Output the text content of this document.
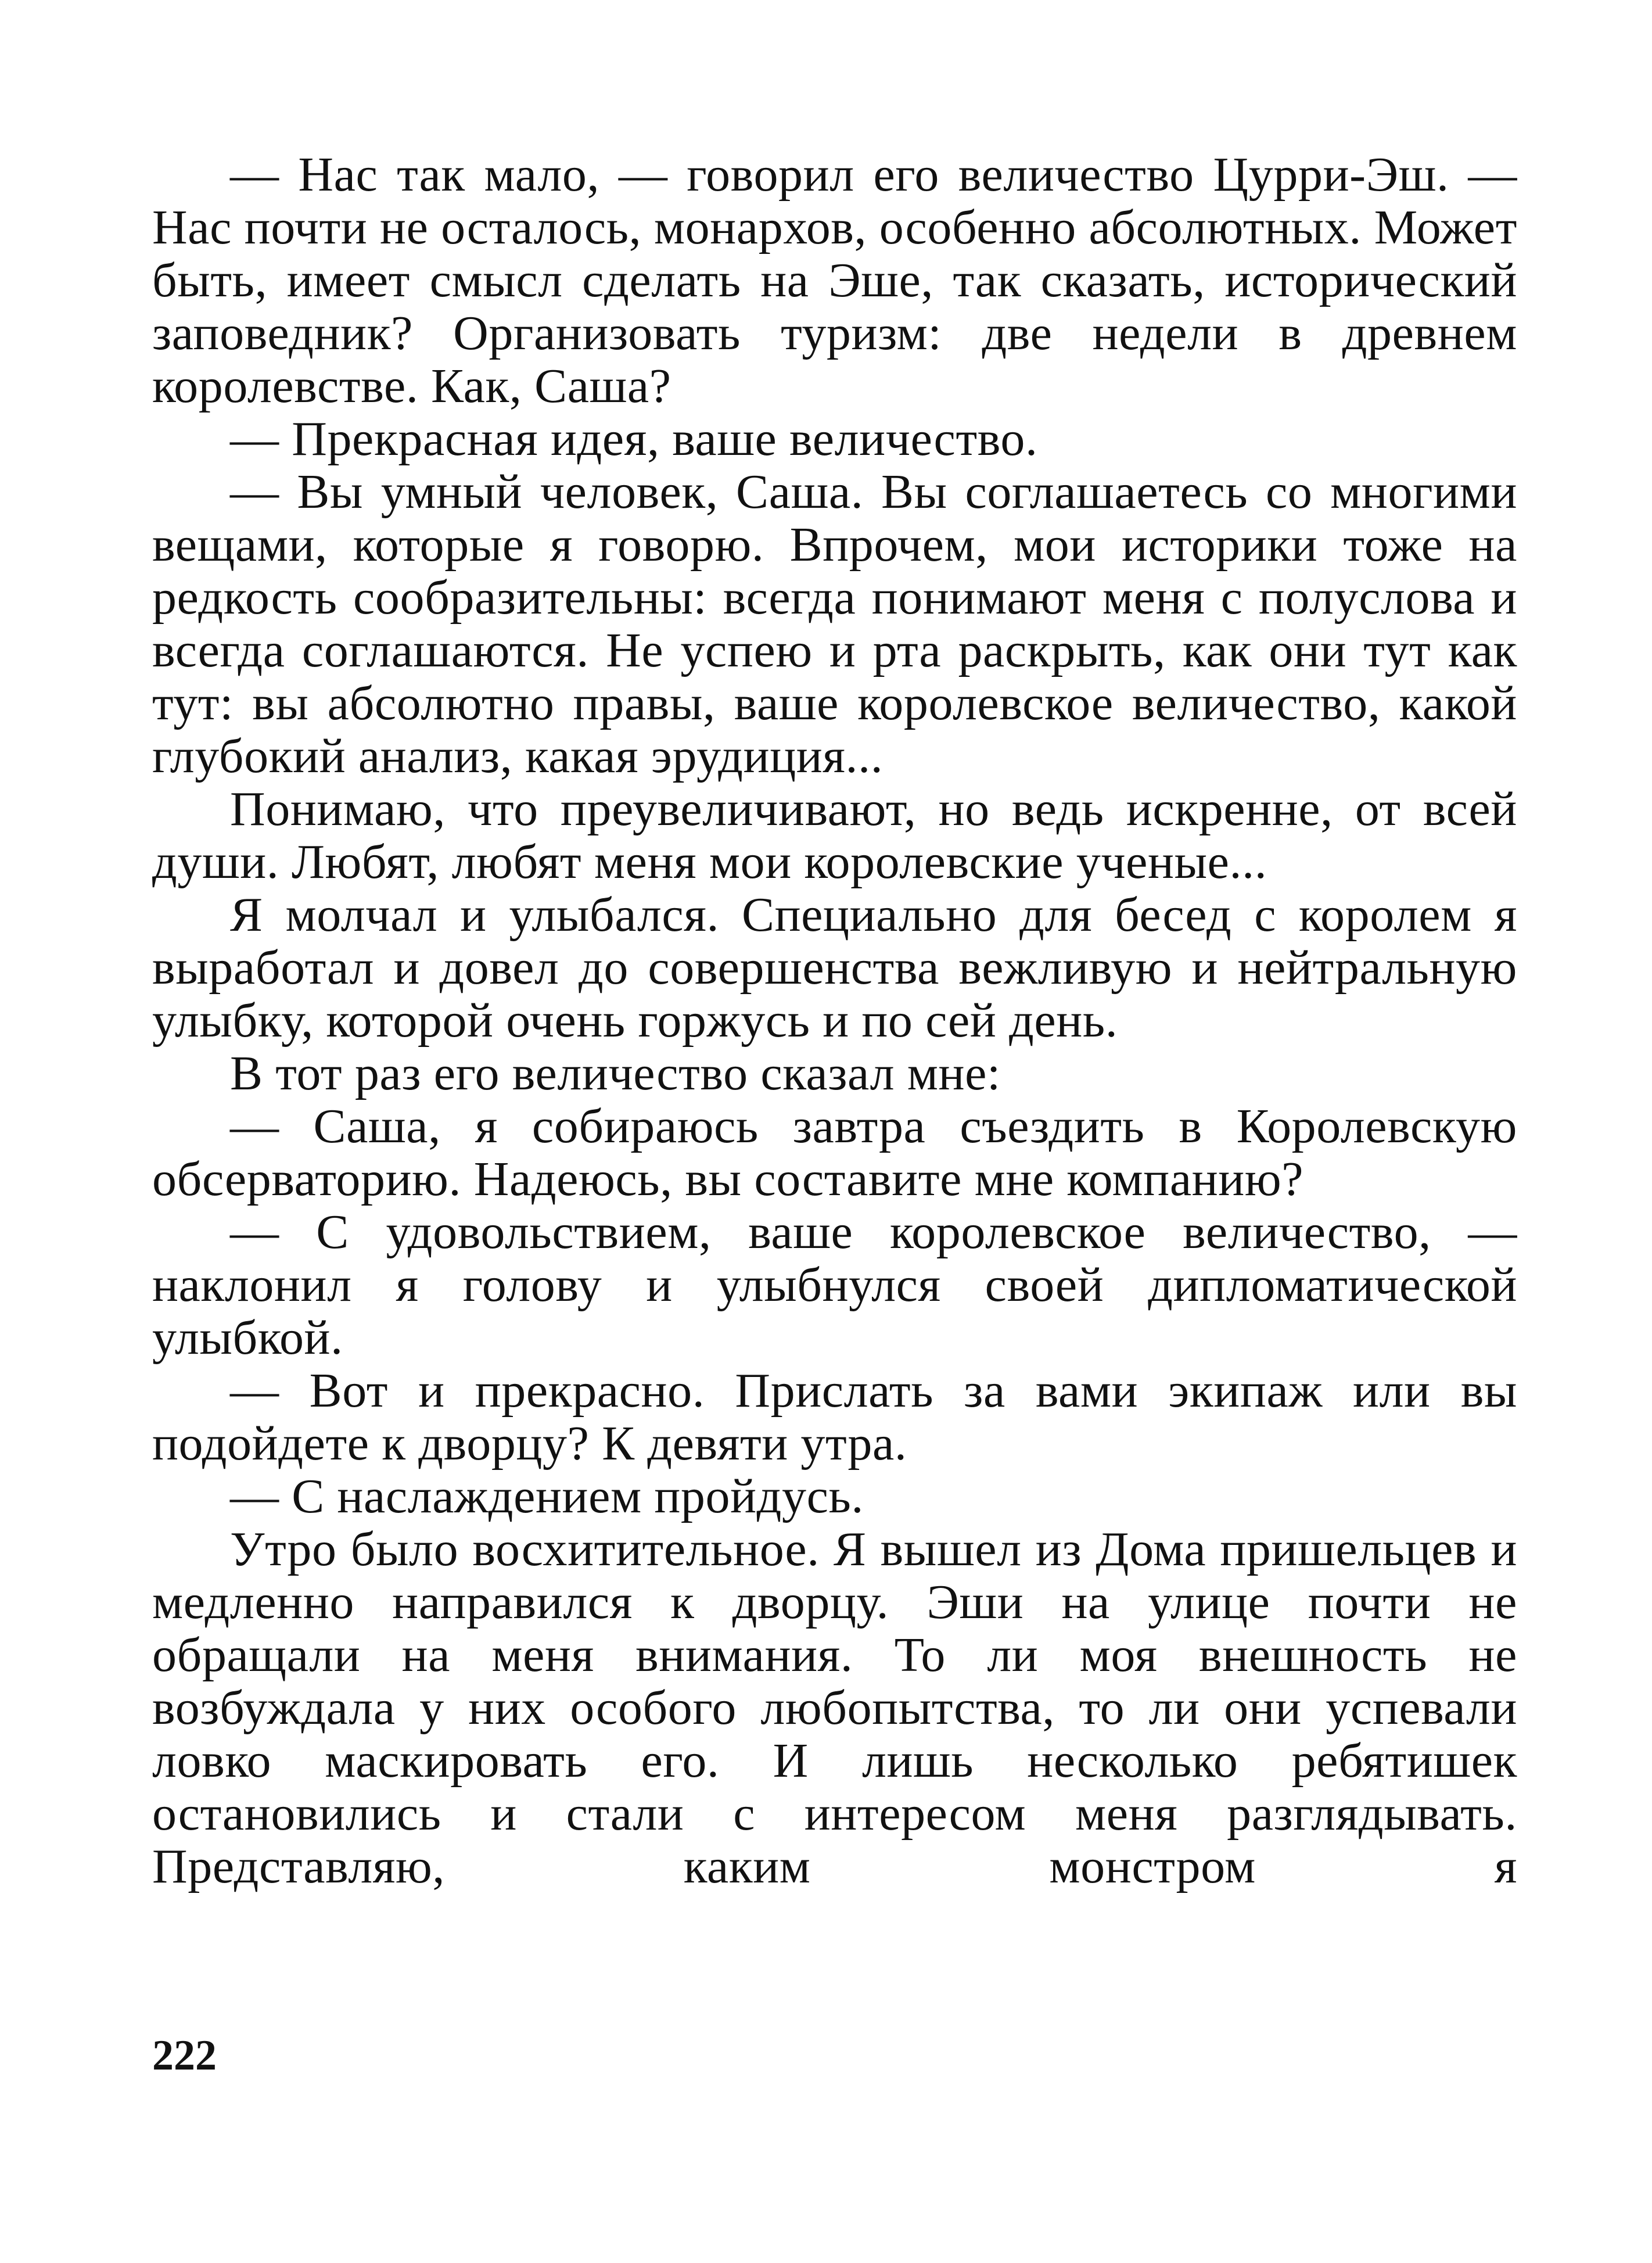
— Нас так мало, — говорил его величество Цурри-Эш. — Нас почти не осталось, монархов, особенно абсолютных. Может быть, имеет смысл сделать на Эше, так сказать, исторический заповедник? Организовать туризм: две недели в древнем королевстве. Как, Саша?

— Прекрасная идея, ваше величество.

— Вы умный человек, Саша. Вы соглашаетесь со многими вещами, которые я говорю. Впрочем, мои историки тоже на редкость сообразительны: всегда понимают меня с полуслова и всегда соглашаются. Не успею и рта раскрыть, как они тут как тут: вы абсолютно правы, ваше королевское величество, какой глубокий анализ, какая эрудиция...

Понимаю, что преувеличивают, но ведь искренне, от всей души. Любят, любят меня мои королевские ученые...

Я молчал и улыбался. Специально для бесед с королем я выработал и довел до совершенства вежливую и нейтральную улыбку, которой очень горжусь и по сей день.

В тот раз его величество сказал мне:

— Саша, я собираюсь завтра съездить в Королевскую обсерваторию. Надеюсь, вы составите мне компанию?

— С удовольствием, ваше королевское величество, — наклонил я голову и улыбнулся своей дипломатической улыбкой.

— Вот и прекрасно. Прислать за вами экипаж или вы подойдете к дворцу? К девяти утра.

— С наслаждением пройдусь.

Утро было восхитительное. Я вышел из Дома пришельцев и медленно направился к дворцу. Эши на улице почти не обращали на меня внимания. То ли моя внешность не возбуждала у них особого любопытства, то ли они успевали ловко маскировать его. И лишь несколько ребятишек остановились и стали с интересом меня разглядывать. Представляю, каким монстром я

222
